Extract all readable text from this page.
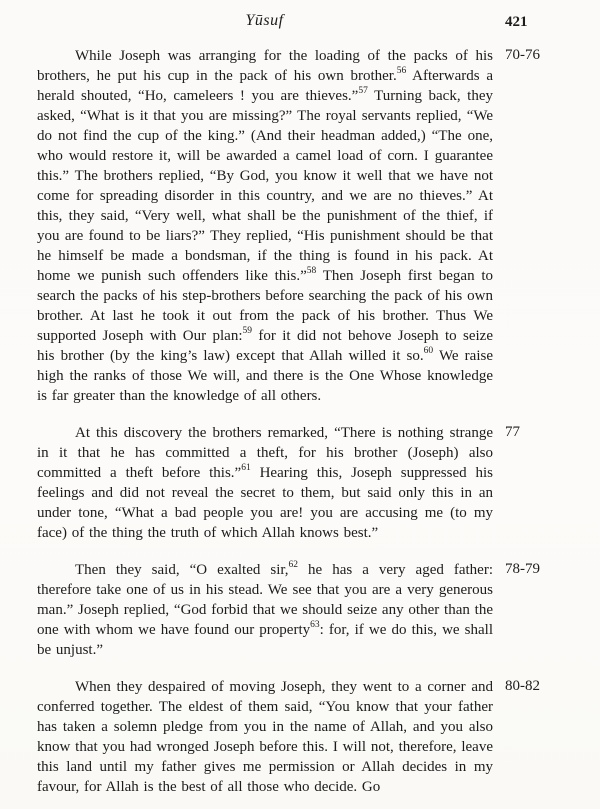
Yūsuf	421

While Joseph was arranging for the loading of the packs of his brothers, he put his cup in the pack of his own brother.$^{56}$ Afterwards a herald shouted, “Ho, cameleers ! you are thieves.”$^{57}$ Turning back, they asked, “What is it that you are missing?” The royal servants replied, “We do not find the cup of the king.” (And their headman added,) “The one, who would restore it, will be awarded a camel load of corn. I guarantee this.” The brothers replied, “By God, you know it well that we have not come for spreading disorder in this country, and we are no thieves.” At this, they said, “Very well, what shall be the punishment of the thief, if you are found to be liars?” They replied, “His punishment should be that he himself be made a bondsman, if the thing is found in his pack. At home we punish such offenders like this.”$^{58}$ Then Joseph first began to search the packs of his step-brothers before searching the pack of his own brother. At last he took it out from the pack of his brother. Thus We supported Joseph with Our plan:$^{59}$ for it did not behove Joseph to seize his brother (by the king’s law) except that Allah willed it so.$^{60}$ We raise high the ranks of those We will, and there is the One Whose knowledge is far greater than the knowledge of all others.

70-76

At this discovery the brothers remarked, “There is nothing strange in it that he has committed a theft, for his brother (Joseph) also committed a theft before this.”$^{61}$ Hearing this, Joseph suppressed his feelings and did not reveal the secret to them, but said only this in an under tone, “What a bad people you are! you are accusing me (to my face) of the thing the truth of which Allah knows best.”

77

Then they said, “O exalted sir,$^{62}$ he has a very aged father: therefore take one of us in his stead. We see that you are a very generous man.” Joseph replied, “God forbid that we should seize any other than the one with whom we have found our property$^{63}$: for, if we do this, we shall be unjust.”

78-79

When they despaired of moving Joseph, they went to a corner and conferred together. The eldest of them said, “You know that your father has taken a solemn pledge from you in the name of Allah, and you also know that you had wronged Joseph before this. I will not, therefore, leave this land until my father gives me permission or Allah decides in my favour, for Allah is the best of all those who decide. Go

80-82
